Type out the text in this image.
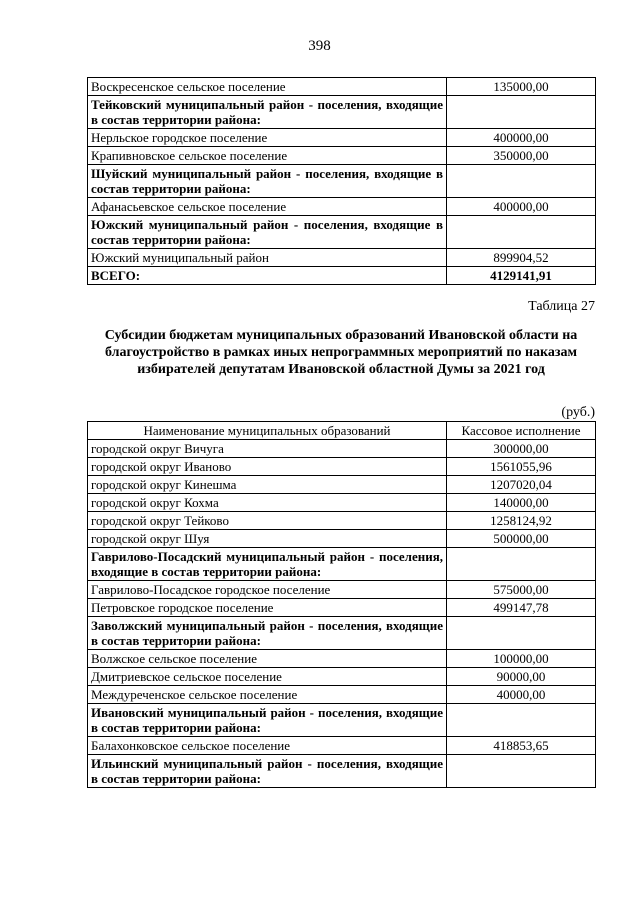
398
Воскресенское сельское поселение	135000,00
Тейковский муниципальный район - поселения, входящие в состав территории района:	
Нерльское городское поселение	400000,00
Крапивновское сельское поселение	350000,00
Шуйский муниципальный район - поселения, входящие в состав территории района:	
Афанасьевское сельское поселение	400000,00
Южский муниципальный район - поселения, входящие в состав территории района:	
Южский муниципальный район	899904,52
ВСЕГО:	4129141,91
Таблица 27
Субсидии бюджетам муниципальных образований Ивановской области на благоустройство в рамках иных непрограммных мероприятий по наказам избирателей депутатам Ивановской областной Думы за 2021 год
(руб.)
Наименование муниципальных образований	Кассовое исполнение
городской округ Вичуга	300000,00
городской округ Иваново	1561055,96
городской округ Кинешма	1207020,04
городской округ Кохма	140000,00
городской округ Тейково	1258124,92
городской округ Шуя	500000,00
Гаврилово-Посадский муниципальный район - поселения, входящие в состав территории района:	
Гаврилово-Посадское городское поселение	575000,00
Петровское городское поселение	499147,78
Заволжский муниципальный район - поселения, входящие в состав территории района:	
Волжское сельское поселение	100000,00
Дмитриевское сельское поселение	90000,00
Междуреченское сельское поселение	40000,00
Ивановский муниципальный район - поселения, входящие в состав территории района:	
Балахонковское сельское поселение	418853,65
Ильинский муниципальный район - поселения, входящие в состав территории района:	
